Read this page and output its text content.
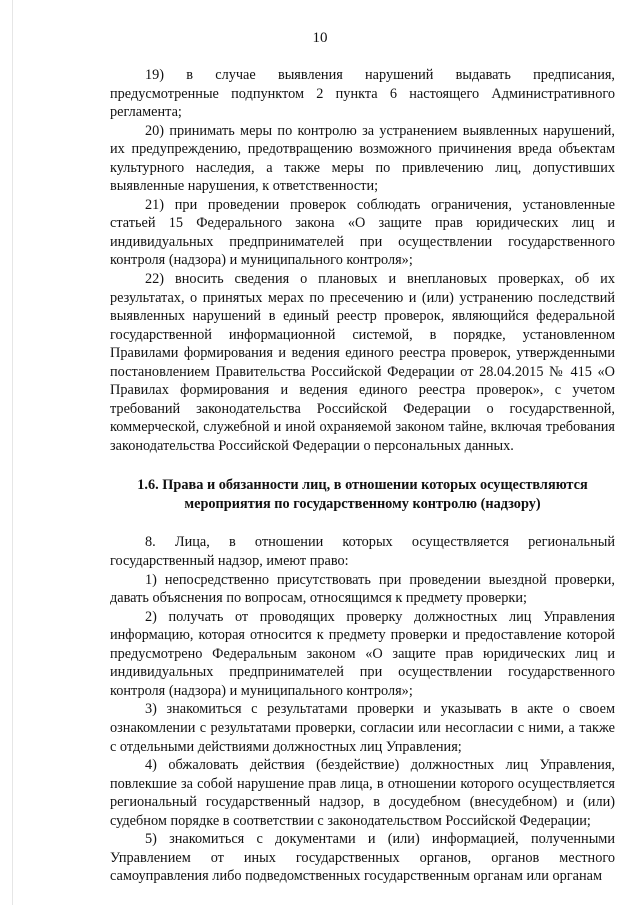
10

19) в случае выявления нарушений выдавать предписания, предусмотренные подпунктом 2 пункта 6 настоящего Административного регламента;

20) принимать меры по контролю за устранением выявленных нарушений, их предупреждению, предотвращению возможного причинения вреда объектам культурного наследия, а также меры по привлечению лиц, допустивших выявленные нарушения, к ответственности;

21) при проведении проверок соблюдать ограничения, установленные статьей 15 Федерального закона «О защите прав юридических лиц и индивидуальных предпринимателей при осуществлении государственного контроля (надзора) и муниципального контроля»;

22) вносить сведения о плановых и внеплановых проверках, об их результатах, о принятых мерах по пресечению и (или) устранению последствий выявленных нарушений в единый реестр проверок, являющийся федеральной государственной информационной системой, в порядке, установленном Правилами формирования и ведения единого реестра проверок, утвержденными постановлением Правительства Российской Федерации от 28.04.2015 № 415 «О Правилах формирования и ведения единого реестра проверок», с учетом требований законодательства Российской Федерации о государственной, коммерческой, служебной и иной охраняемой законом тайне, включая требования законодательства Российской Федерации о персональных данных.

1.6. Права и обязанности лиц, в отношении которых осуществляются мероприятия по государственному контролю (надзору)

8. Лица, в отношении которых осуществляется региональный государственный надзор, имеют право:

1) непосредственно присутствовать при проведении выездной проверки, давать объяснения по вопросам, относящимся к предмету проверки;

2) получать от проводящих проверку должностных лиц Управления информацию, которая относится к предмету проверки и предоставление которой предусмотрено Федеральным законом «О защите прав юридических лиц и индивидуальных предпринимателей при осуществлении государственного контроля (надзора) и муниципального контроля»;

3) знакомиться с результатами проверки и указывать в акте о своем ознакомлении с результатами проверки, согласии или несогласии с ними, а также с отдельными действиями должностных лиц Управления;

4) обжаловать действия (бездействие) должностных лиц Управления, повлекшие за собой нарушение прав лица, в отношении которого осуществляется региональный государственный надзор, в досудебном (внесудебном) и (или) судебном порядке в соответствии с законодательством Российской Федерации;

5) знакомиться с документами и (или) информацией, полученными Управлением от иных государственных органов, органов местного самоуправления либо подведомственных государственным органам или органам
